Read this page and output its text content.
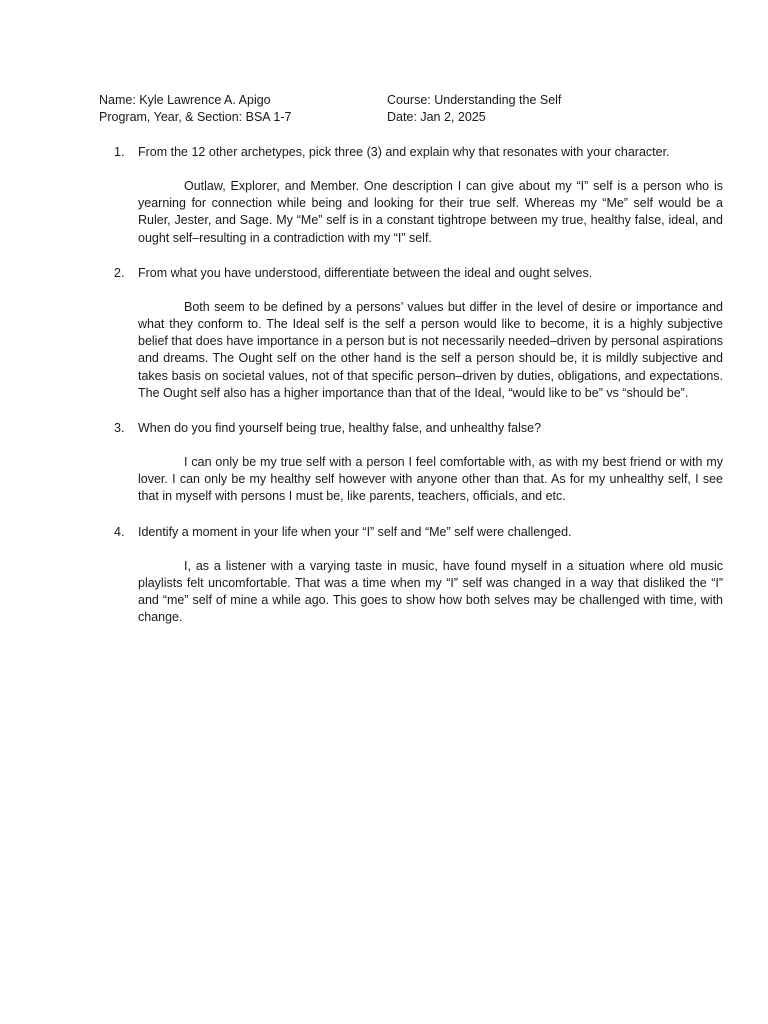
Name: Kyle Lawrence A. Apigo	Course: Understanding the Self
Program, Year, & Section: BSA 1-7	Date: Jan 2, 2025
1. From the 12 other archetypes, pick three (3) and explain why that resonates with your character.

Outlaw, Explorer, and Member. One description I can give about my “I” self is a person who is yearning for connection while being and looking for their true self. Whereas my “Me” self would be a Ruler, Jester, and Sage. My “Me” self is in a constant tightrope between my true, healthy false, ideal, and ought self–resulting in a contradiction with my “I” self.

2. From what you have understood, differentiate between the ideal and ought selves.

Both seem to be defined by a persons’ values but differ in the level of desire or importance and what they conform to. The Ideal self is the self a person would like to become, it is a highly subjective belief that does have importance in a person but is not necessarily needed–driven by personal aspirations and dreams. The Ought self on the other hand is the self a person should be, it is mildly subjective and takes basis on societal values, not of that specific person–driven by duties, obligations, and expectations. The Ought self also has a higher importance than that of the Ideal, “would like to be” vs “should be”.

3. When do you find yourself being true, healthy false, and unhealthy false?

I can only be my true self with a person I feel comfortable with, as with my best friend or with my lover. I can only be my healthy self however with anyone other than that. As for my unhealthy self, I see that in myself with persons I must be, like parents, teachers, officials, and etc.

4. Identify a moment in your life when your “I” self and “Me” self were challenged.

I, as a listener with a varying taste in music, have found myself in a situation where old music playlists felt uncomfortable. That was a time when my “I” self was changed in a way that disliked the “I” and “me” self of mine a while ago. This goes to show how both selves may be challenged with time, with change.
